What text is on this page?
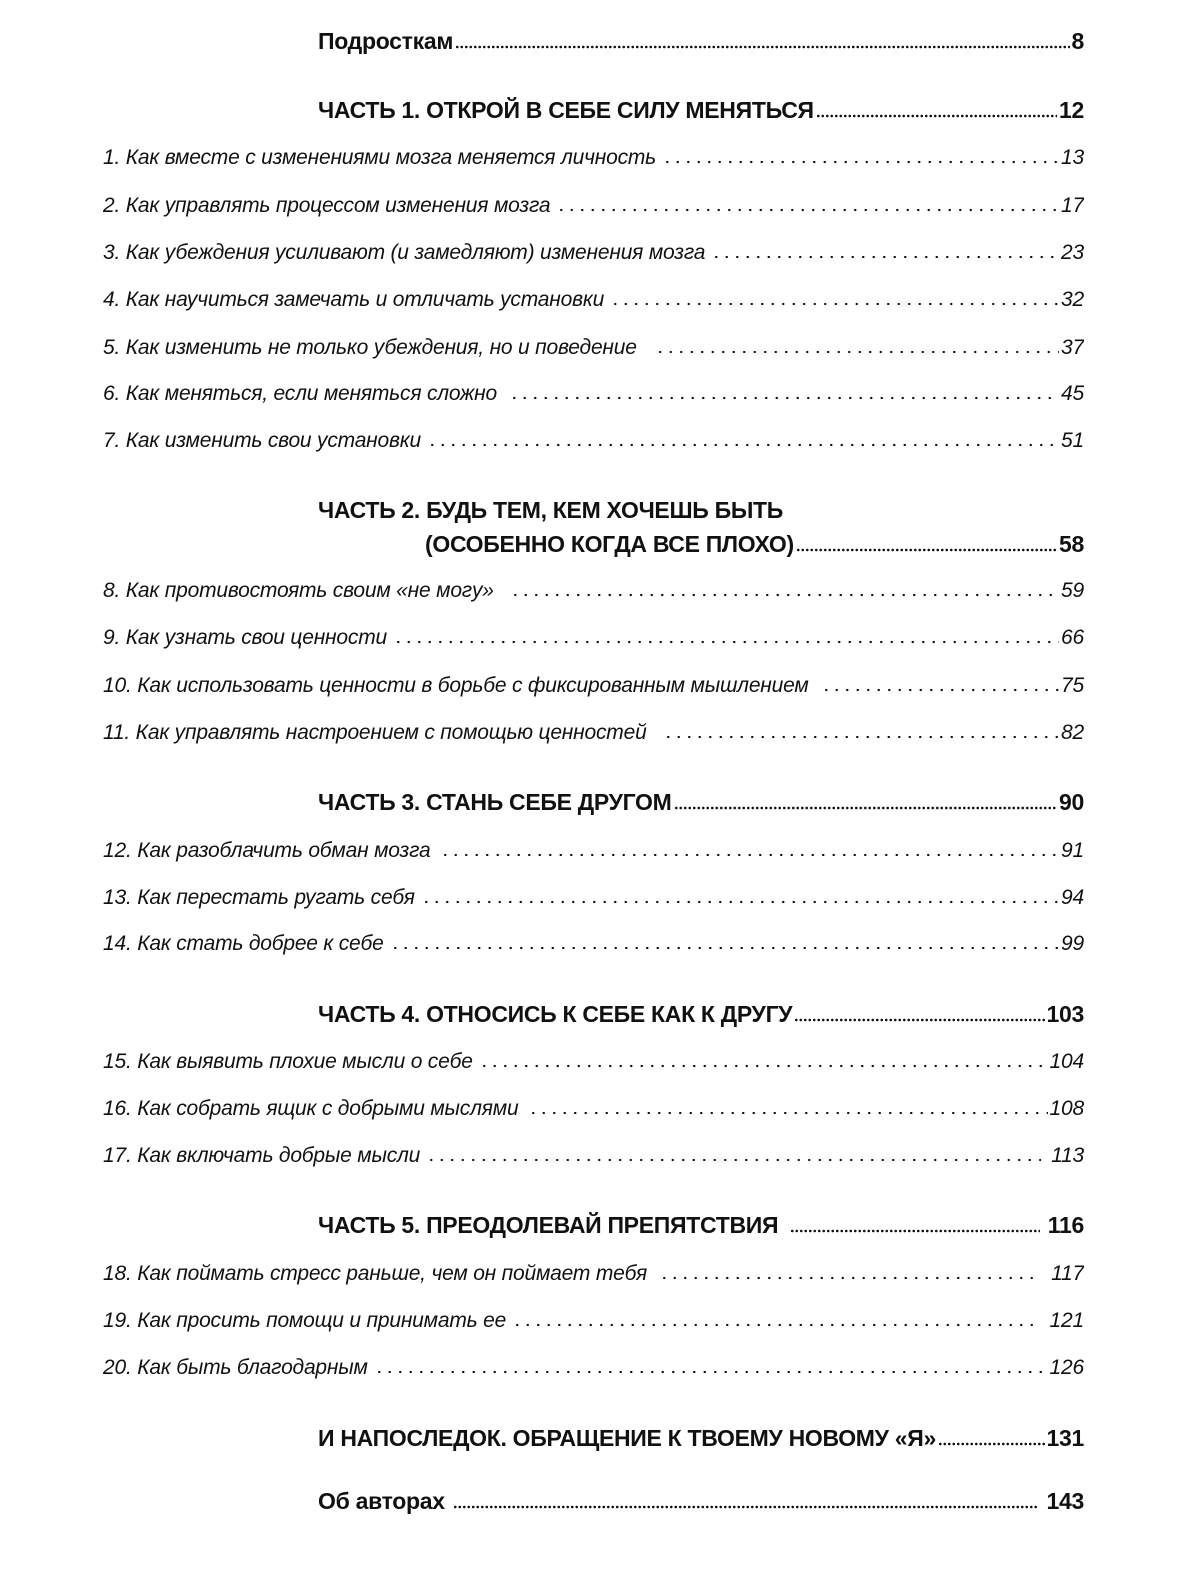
Подросткам	8
ЧАСТЬ 1. ОТКРОЙ В СЕБЕ СИЛУ МЕНЯТЬСЯ	12
1. Как вместе с изменениями мозга меняется личность	13
2. Как управлять процессом изменения мозга	17
3. Как убеждения усиливают (и замедляют) изменения мозга	23
4. Как научиться замечать и отличать установки	32
5. Как изменить не только убеждения, но и поведение	37
6. Как меняться, если меняться сложно	45
7. Как изменить свои установки	51
ЧАСТЬ 2. БУДЬ ТЕМ, КЕМ ХОЧЕШЬ БЫТЬ
(ОСОБЕННО КОГДА ВСЕ ПЛОХО)	58
8. Как противостоять своим «не могу»	59
9. Как узнать свои ценности	66
10. Как использовать ценности в борьбе с фиксированным мышлением	75
11. Как управлять настроением с помощью ценностей	82
ЧАСТЬ 3. СТАНЬ СЕБЕ ДРУГОМ	90
12. Как разоблачить обман мозга	91
13. Как перестать ругать себя	94
14. Как стать добрее к себе	99
ЧАСТЬ 4. ОТНОСИСЬ К СЕБЕ КАК К ДРУГУ	103
15. Как выявить плохие мысли о себе	104
16. Как собрать ящик с добрыми мыслями	108
17. Как включать добрые мысли	113
ЧАСТЬ 5. ПРЕОДОЛЕВАЙ ПРЕПЯТСТВИЯ	116
18. Как поймать стресс раньше, чем он поймает тебя	117
19. Как просить помощи и принимать ее	121
20. Как быть благодарным	126
И НАПОСЛЕДОК. ОБРАЩЕНИЕ К ТВОЕМУ НОВОМУ «Я»	131
Об авторах	143
